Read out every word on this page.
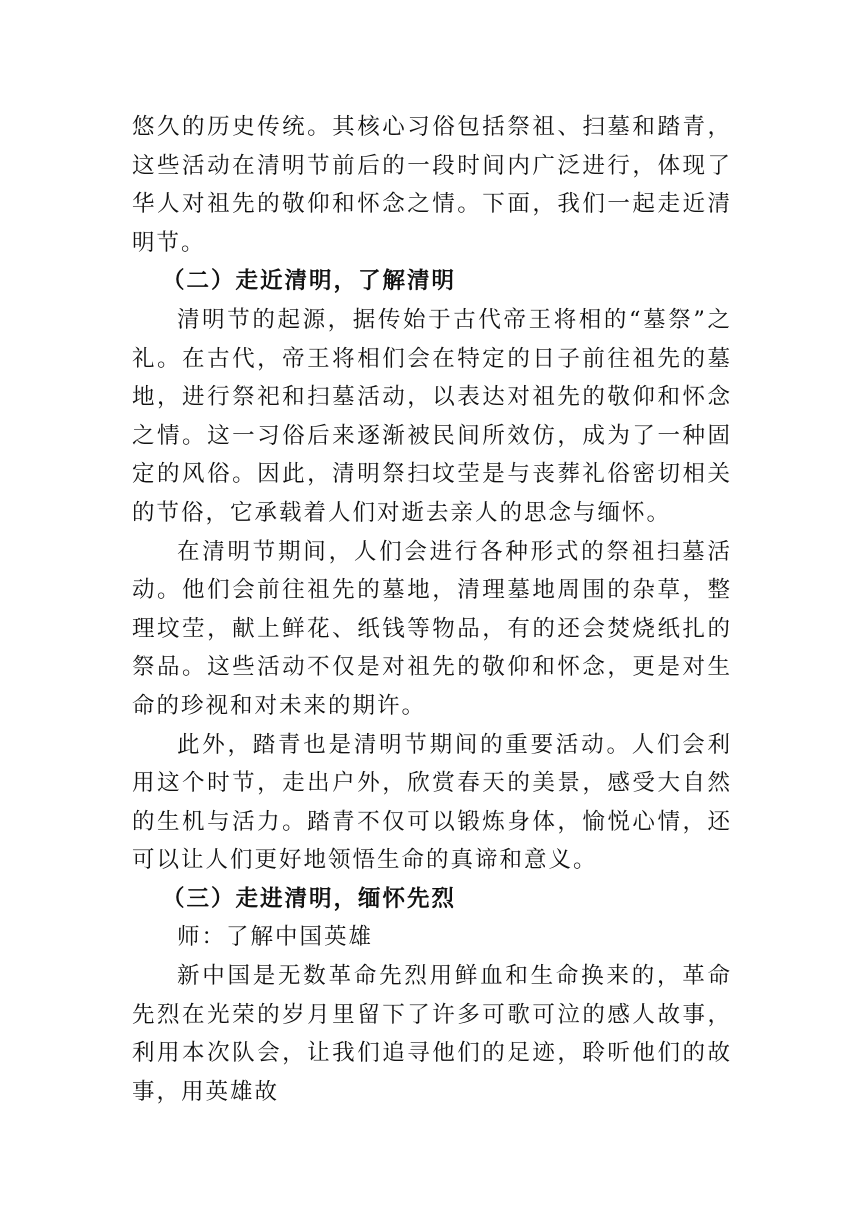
悠久的历史传统。其核心习俗包括祭祖、扫墓和踏青，这些活动在清明节前后的一段时间内广泛进行，体现了华人对祖先的敬仰和怀念之情。下面，我们一起走近清明节。

（二）走近清明，了解清明

清明节的起源，据传始于古代帝王将相的“墓祭”之礼。在古代，帝王将相们会在特定的日子前往祖先的墓地，进行祭祀和扫墓活动，以表达对祖先的敬仰和怀念之情。这一习俗后来逐渐被民间所效仿，成为了一种固定的风俗。因此，清明祭扫坟茔是与丧葬礼俗密切相关的节俗，它承载着人们对逝去亲人的思念与缅怀。

在清明节期间，人们会进行各种形式的祭祖扫墓活动。他们会前往祖先的墓地，清理墓地周围的杂草，整理坟茔，献上鲜花、纸钱等物品，有的还会焚烧纸扎的祭品。这些活动不仅是对祖先的敬仰和怀念，更是对生命的珍视和对未来的期许。

此外，踏青也是清明节期间的重要活动。人们会利用这个时节，走出户外，欣赏春天的美景，感受大自然的生机与活力。踏青不仅可以锻炼身体，愉悦心情，还可以让人们更好地领悟生命的真谛和意义。

（三）走进清明，缅怀先烈

师：了解中国英雄

新中国是无数革命先烈用鲜血和生命换来的，革命先烈在光荣的岁月里留下了许多可歌可泣的感人故事，利用本次队会，让我们追寻他们的足迹，聆听他们的故事，用英雄故
